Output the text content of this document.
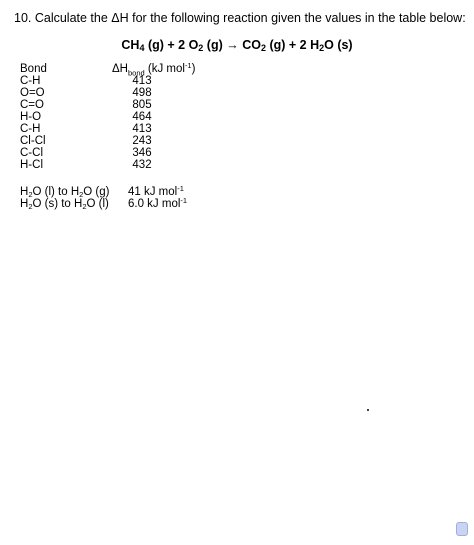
10. Calculate the ΔH for the following reaction given the values in the table below:
$CH_4$ (g) + 2 $O_2$ $(g) \to CO_2$ (g) + 2 $H_2O$ (s)
Bond	$\Delta H_{bond}$ (kJ mol$^{-1}$)
C-H	413
O=O	498
C=O	805
H-O	464
C-H	413
Cl-Cl	243
C-Cl	346
H-Cl	432
$H_2O$ (l) to $H_2O$ (g)	41 kJ mol$^{-1}$
$H_2O$ (s) to $H_2O$ (l)	6.0 kJ mol$^{-1}$
